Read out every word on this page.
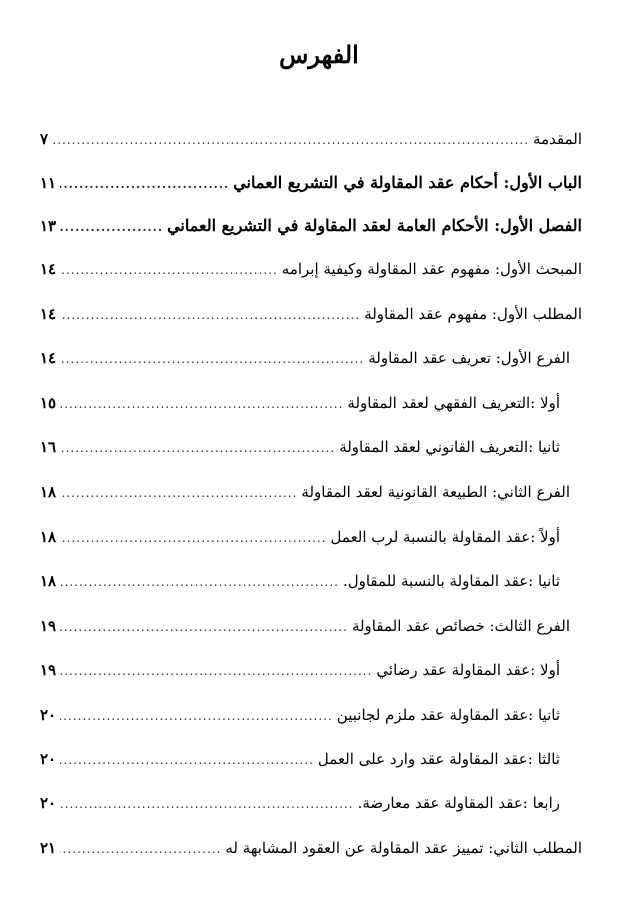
الفهرس
المقدمة
.....
٧
الباب الأول: أحكام عقد المقاولة في التشريع العماني
.....
١١
الفصل الأول: الأحكام العامة لعقد المقاولة في التشريع العماني
.....
١٣
المبحث الأول: مفهوم عقد المقاولة وكيفية إبرامه
.....
١٤
المطلب الأول: مفهوم عقد المقاولة
.....
١٤
الفرع الأول: تعريف عقد المقاولة
.....
١٤
أولا :التعريف الفقهي لعقد المقاولة
.....
١٥
ثانيا :التعريف القانوني لعقد المقاولة
.....
١٦
الفرع الثاني: الطبيعة القانونية لعقد المقاولة
.....
١٨
أولاً :عقد المقاولة بالنسبة لرب العمل
.....
١٨
ثانيا :عقد المقاولة بالنسبة للمقاول.
.....
١٨
الفرع الثالث: خصائص عقد المقاولة
.....
١٩
أولا :عقد المقاولة عقد رضائي
.....
١٩
ثانيا :عقد المقاولة عقد ملزم لجانبين
.....
٢٠
ثالثا :عقد المقاولة عقد وارد على العمل
.....
٢٠
رابعا :عقد المقاولة عقد معارضة.
.....
٢٠
المطلب الثاني: تمييز عقد المقاولة عن العقود المشابهة له
.....
٢١
